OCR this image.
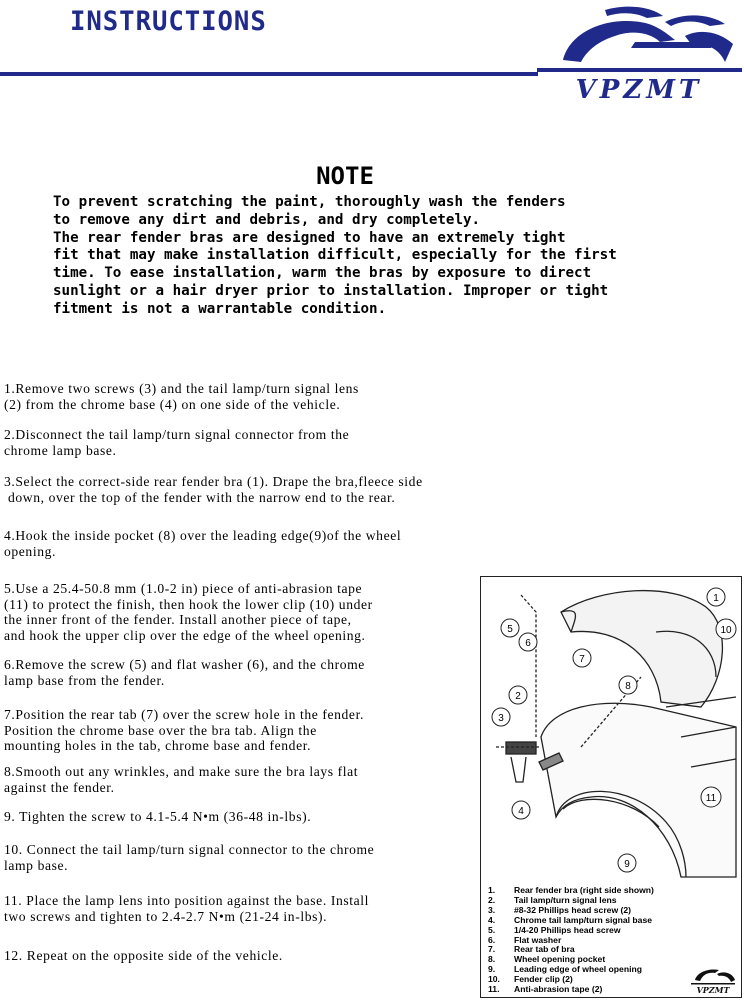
INSTRUCTIONS
VPZMT
NOTE
To prevent scratching the paint, thoroughly wash the fenders
to remove any dirt and debris, and dry completely.
The rear fender bras are designed to have an extremely tight
fit that may make installation difficult, especially for the first
time. To ease installation, warm the bras by exposure to direct
sunlight or a hair dryer prior to installation. Improper or tight
fitment is not a warrantable condition.
1.Remove two screws (3) and the tail lamp/turn signal lens
(2) from the chrome base (4) on one side of the vehicle.
2.Disconnect the tail lamp/turn signal connector from the
chrome lamp base.
3.Select the correct-side rear fender bra (1). Drape the bra,fleece side
down, over the top of the fender with the narrow end to the rear.
4.Hook the inside pocket (8) over the leading edge(9)of the wheel
opening.
5.Use a 25.4-50.8 mm (1.0-2 in) piece of anti-abrasion tape
(11) to protect the finish, then hook the lower clip (10) under
the inner front of the fender. Install another piece of tape,
and hook the upper clip over the edge of the wheel opening.
6.Remove the screw (5) and flat washer (6), and the chrome
lamp base from the fender.
7.Position the rear tab (7) over the screw hole in the fender.
Position the chrome base over the bra tab. Align the
mounting holes in the tab, chrome base and fender.
8.Smooth out any wrinkles, and make sure the bra lays flat
against the fender.
9. Tighten the screw to 4.1-5.4 N•m (36-48 in-lbs).
10. Connect the tail lamp/turn signal connector to the chrome
lamp base.
11. Place the lamp lens into position against the base. Install
two screws and tighten to 2.4-2.7 N•m (21-24 in-lbs).
12. Repeat on the opposite side of the vehicle.
1
2
3
4
5
6
7
8
9
10
11
1.	Rear fender bra (right side shown)
2.	Tail lamp/turn signal lens
3.	#8-32 Phillips head screw (2)
4.	Chrome tail lamp/turn signal base
5.	1/4-20 Phillips head screw
6.	Flat washer
7.	Rear tab of bra
8.	Wheel opening pocket
9.	Leading edge of wheel opening
10.	Fender clip (2)
11.	Anti-abrasion tape (2)	VPZMT
